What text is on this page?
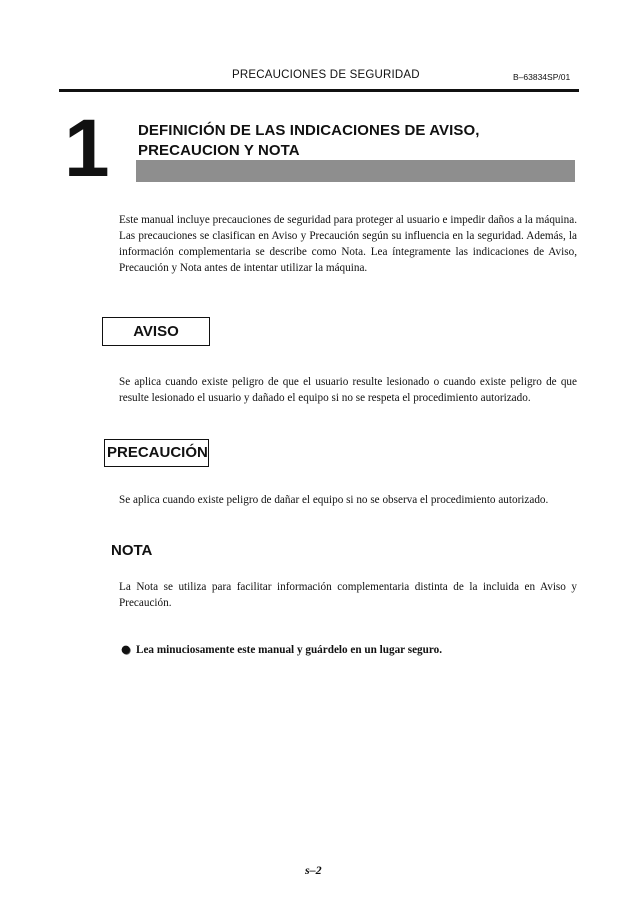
PRECAUCIONES DE SEGURIDAD	B–63834SP/01
1 DEFINICIÓN DE LAS INDICACIONES DE AVISO,
PRECAUCION Y NOTA

Este manual incluye precauciones de seguridad para proteger al usuario e impedir daños a la máquina. Las precauciones se clasifican en Aviso y Precaución según su influencia en la seguridad. Además, la información complementaria se describe como Nota. Lea íntegramente las indicaciones de Aviso, Precaución y Nota antes de intentar utilizar la máquina.

AVISO

Se aplica cuando existe peligro de que el usuario resulte lesionado o cuando existe peligro de que resulte lesionado el usuario y dañado el equipo si no se respeta el procedimiento autorizado.

PRECAUCIÓN

Se aplica cuando existe peligro de dañar el equipo si no se observa el procedimiento autorizado.

NOTA

La Nota se utiliza para facilitar información complementaria distinta de la incluida en Aviso y Precaución.

Lea minuciosamente este manual y guárdelo en un lugar seguro.
s–2
